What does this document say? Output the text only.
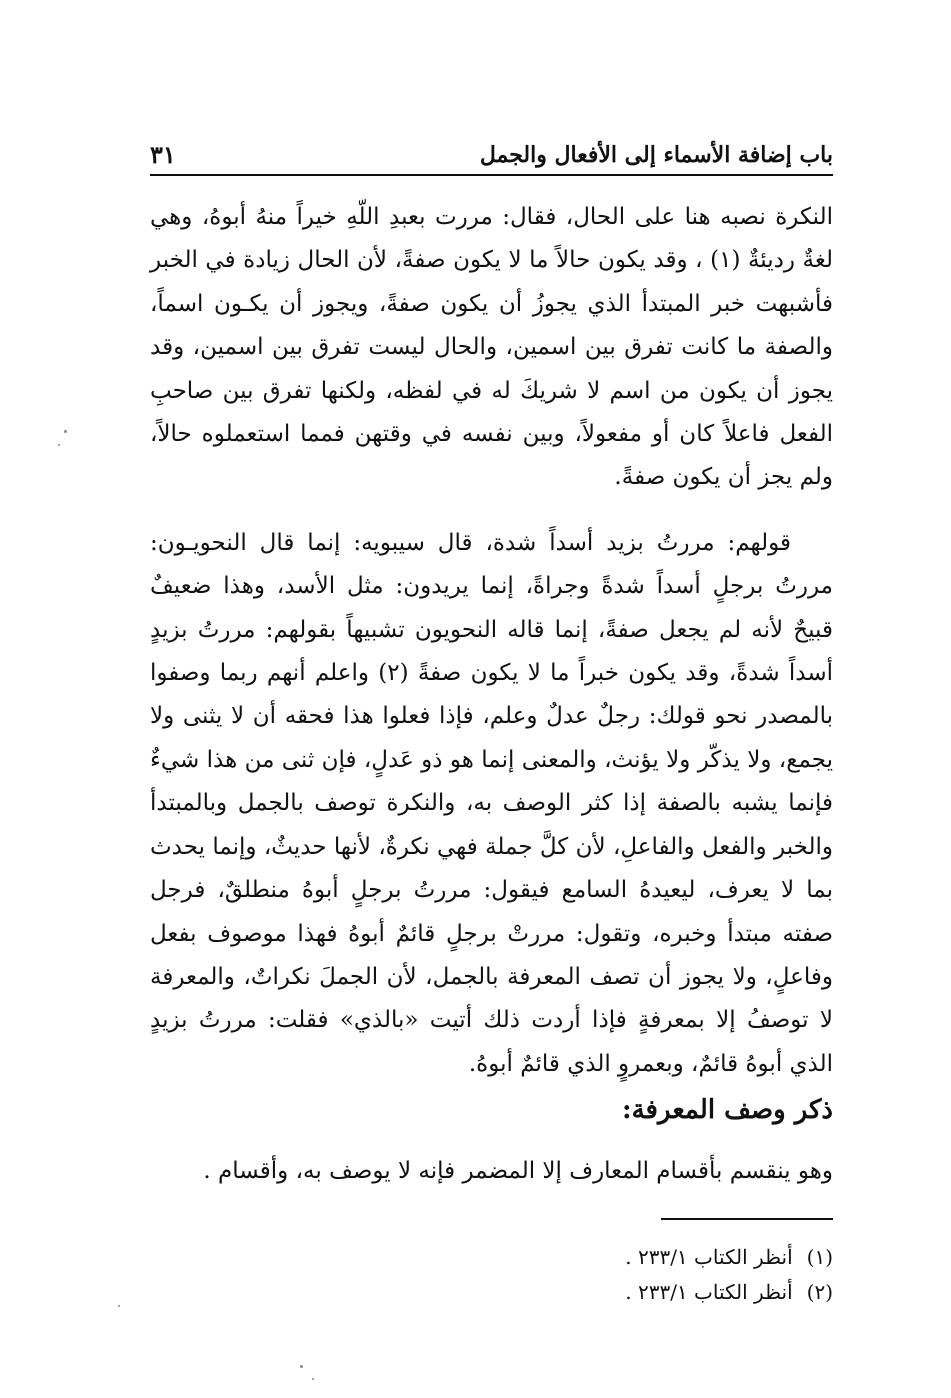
باب إضافة الأسماء إلى الأفعال والجمل
٣١

النكرة نصبه هنا على الحال، فقال: مررت بعبدِ اللّهِ خيراً منهُ أبوهُ، وهي لغةٌ رديئةٌ (١) ، وقد يكون حالاً ما لا يكون صفةً، لأن الحال زيادة في الخبر فأشبهت خبر المبتدأ الذي يجوزُ أن يكون صفةً، ويجوز أن يكـون اسماً، والصفة ما كانت تفرق بين اسمين، والحال ليست تفرق بين اسمين، وقد يجوز أن يكون من اسم لا شريكَ له في لفظه، ولكنها تفرق بين صاحبِ الفعل فاعلاً كان أو مفعولاً، وبين نفسه في وقتهن فمما استعملوه حالاً، ولم يجز أن يكون صفةً.

قولهم: مررتُ بزيد أسداً شدة، قال سيبويه: إنما قال النحويـون: مررتُ برجلٍ أسداً شدةً وجراةً، إنما يريدون: مثل الأسد، وهذا ضعيفٌ قبيحٌ لأنه لم يجعل صفةً، إنما قاله النحويون تشبيهاً بقولهم: مررتُ بزيدٍ أسداً شدةً، وقد يكون خبراً ما لا يكون صفةً (٢) واعلم أنهم ربما وصفوا بالمصدر نحو قولك: رجلٌ عدلٌ وعلم، فإذا فعلوا هذا فحقه أن لا يثنى ولا يجمع، ولا يذكّر ولا يؤنث، والمعنى إنما هو ذو عَدلٍ، فإن ثنى من هذا شيءٌ فإنما يشبه بالصفة إذا كثر الوصف به، والنكرة توصف بالجمل وبالمبتدأ والخبر والفعل والفاعلِ، لأن كلَّ جملة فهي نكرةٌ، لأنها حديثٌ، وإنما يحدث بما لا يعرف، ليعيدهُ السامع فيقول: مررتُ برجلٍ أبوهُ منطلقٌ، فرجل صفته مبتدأ وخبره، وتقول: مررتْ برجلٍ قائمٌ أبوهُ فهذا موصوف بفعل وفاعلٍ، ولا يجوز أن تصف المعرفة بالجمل، لأن الجملَ نكراتٌ، والمعرفة لا توصفُ إلا بمعرفةٍ فإذا أردت ذلك أتيت «بالذي» فقلت: مررتُ بزيدٍ الذي أبوهُ قائمٌ، وبعمروٍ الذي قائمٌ أبوهُ.

ذكر وصف المعرفة:

وهو ينقسم بأقسام المعارف إلا المضمر فإنه لا يوصف به، وأقسام .

(١)أنظر الكتاب ٢٣٣/١ .
(٢)أنظر الكتاب ٢٣٣/١ .
